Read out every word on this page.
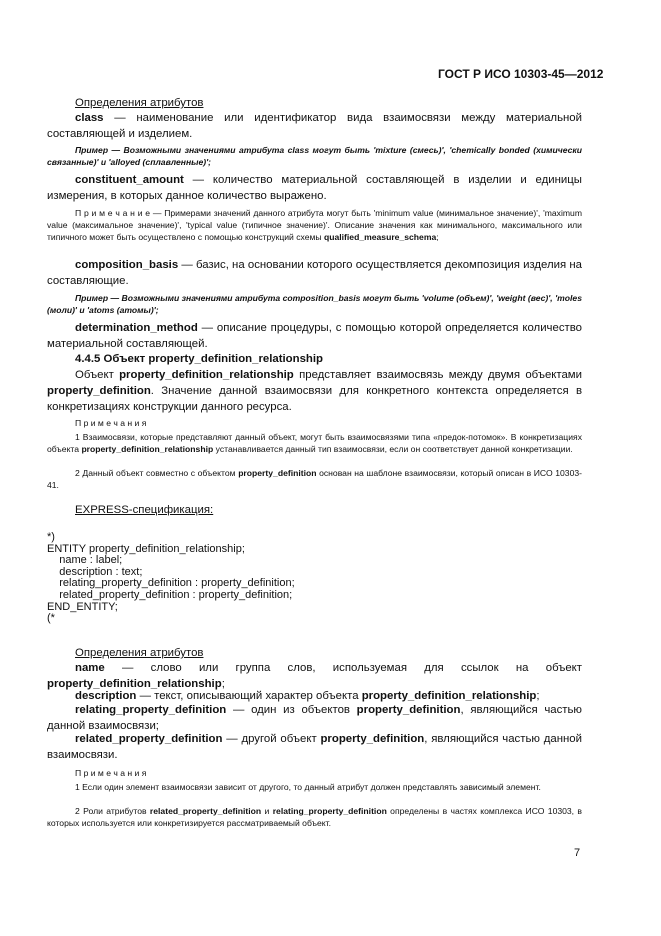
ГОСТ Р ИСО 10303-45—2012
Определения атрибутов
class — наименование или идентификатор вида взаимосвязи между материальной составляющей и изделием.
Пример — Возможными значениями атрибута class могут быть 'mixture (смесь)', 'chemically bonded (химически связанные)' и 'alloyed (сплавленные)';
constituent_amount — количество материальной составляющей в изделии и единицы измерения, в которых данное количество выражено.
П р и м е ч а н и е — Примерами значений данного атрибута могут быть 'minimum value (минимальное значение)', 'maximum value (максимальное значение)', 'typical value (типичное значение)'. Описание значения как минимального, максимального или типичного может быть осуществлено с помощью конструкций схемы qualified_measure_schema;
composition_basis — базис, на основании которого осуществляется декомпозиция изделия на составляющие.
Пример — Возможными значениями атрибута composition_basis могут быть 'volume (объем)', 'weight (вес)', 'moles (моли)' и 'atoms (атомы)';
determination_method — описание процедуры, с помощью которой определяется количество материальной составляющей.
4.4.5 Объект property_definition_relationship
Объект property_definition_relationship представляет взаимосвязь между двумя объектами property_definition. Значение данной взаимосвязи для конкретного контекста определяется в конкретизациях конструкции данного ресурса.
П р и м е ч а н и я
1 Взаимосвязи, которые представляют данный объект, могут быть взаимосвязями типа «предок-потомок». В конкретизациях объекта property_definition_relationship устанавливается данный тип взаимосвязи, если он соответствует данной конкретизации.
2 Данный объект совместно с объектом property_definition основан на шаблоне взаимосвязи, который описан в ИСО 10303-41.
EXPRESS-спецификация:
*)
ENTITY property_definition_relationship;
name : label;
description : text;
relating_property_definition : property_definition;
related_property_definition : property_definition;
END_ENTITY;
(*
Определения атрибутов
name — слово или группа слов, используемая для ссылок на объект property_definition_relationship;
description — текст, описывающий характер объекта property_definition_relationship;
relating_property_definition — один из объектов property_definition, являющийся частью данной взаимосвязи;
related_property_definition — другой объект property_definition, являющийся частью данной взаимосвязи.
П р и м е ч а н и я
1 Если один элемент взаимосвязи зависит от другого, то данный атрибут должен представлять зависимый элемент.
2 Роли атрибутов related_property_definition и relating_property_definition определены в частях комплекса ИСО 10303, в которых используется или конкретизируется рассматриваемый объект.
7
